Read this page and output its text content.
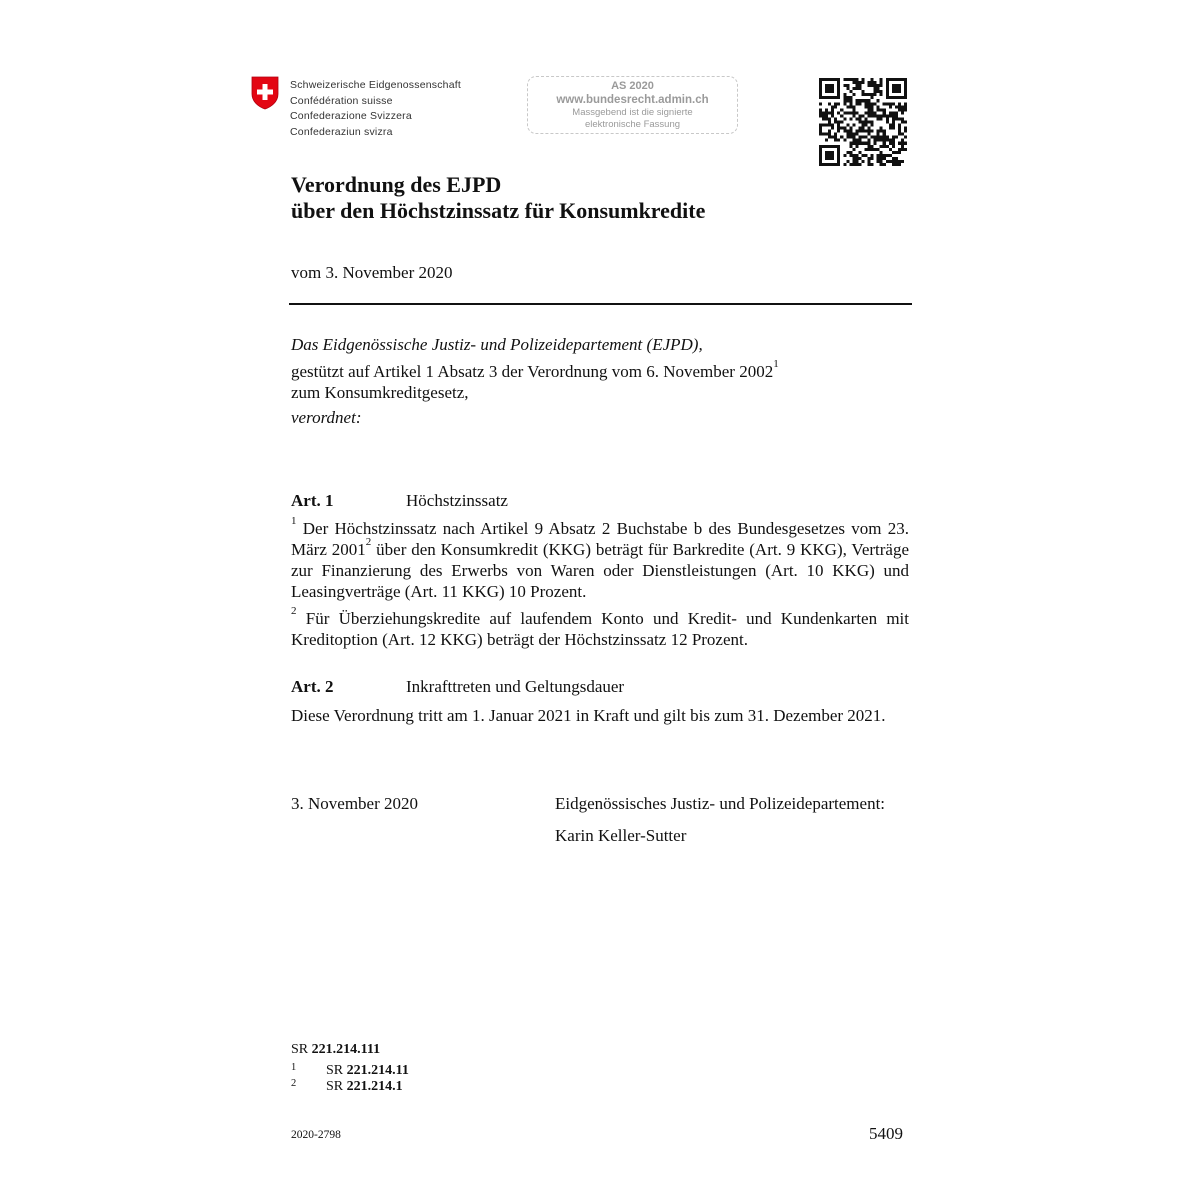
Schweizerische Eidgenossenschaft
Confédération suisse
Confederazione Svizzera
Confederaziun svizra
AS 2020
www.bundesrecht.admin.ch
Massgebend ist die signierte
elektronische Fassung
Verordnung des EJPD
über den Höchstzinssatz für Konsumkredite
vom 3. November 2020
Das Eidgenössische Justiz- und Polizeidepartement (EJPD),
gestützt auf Artikel 1 Absatz 3 der Verordnung vom 6. November 2002$^1$
zum Konsumkreditgesetz,
verordnet:
Art. 1	Höchstzinssatz
$^1$ Der Höchstzinssatz nach Artikel 9 Absatz 2 Buchstabe b des Bundesgesetzes vom 23. März 2001$^2$ über den Konsumkredit (KKG) beträgt für Barkredite (Art. 9 KKG), Verträge zur Finanzierung des Erwerbs von Waren oder Dienstleistungen (Art. 10 KKG) und Leasingverträge (Art. 11 KKG) 10 Prozent.
$^2$ Für Überziehungskredite auf laufendem Konto und Kredit- und Kundenkarten mit Kreditoption (Art. 12 KKG) beträgt der Höchstzinssatz 12 Prozent.
Art. 2	Inkrafttreten und Geltungsdauer
Diese Verordnung tritt am 1. Januar 2021 in Kraft und gilt bis zum 31. Dezember 2021.
3. November 2020	Eidgenössisches Justiz- und Polizeidepartement:
Karin Keller-Sutter
SR 221.214.111
1 SR 221.214.11
2 SR 221.214.1
2020-2798	5409
